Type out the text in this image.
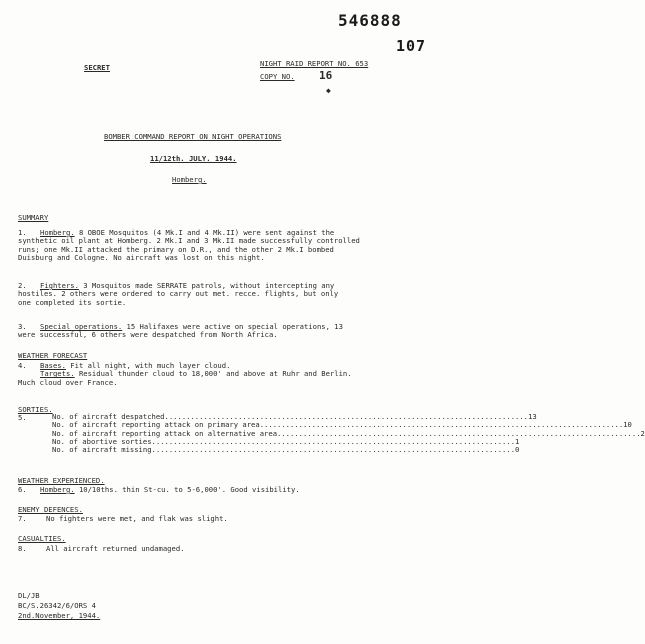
546888
107
SECRET	NIGHT RAID REPORT NO. 653
COPY NO. 16
◆
BOMBER COMMAND REPORT ON NIGHT OPERATIONS
11/12th. JULY. 1944.
Homberg.
SUMMARY
1. Homberg. 8 OBOE Mosquitos (4 Mk.I and 4 Mk.II) were sent against the
synthetic oil plant at Homberg. 2 Mk.I and 3 Mk.II made successfully controlled
runs; one Mk.II attacked the primary on D.R., and the other 2 Mk.I bombed
Duisburg and Cologne. No aircraft was lost on this night.
2. Fighters. 3 Mosquitos made SERRATE patrols, without intercepting any
hostiles. 2 others were ordered to carry out met. recce. flights, but only
one completed its sortie.
3. Special operations. 15 Halifaxes were active on special operations, 13
were successful, 6 others were despatched from North Africa.
WEATHER FORECAST
4. Bases. Fit all night, with much layer cloud.
Targets. Residual thunder cloud to 18,000' and above at Ruhr and Berlin.
Much cloud over France.
SORTIES.
5.	No. of aircraft despatched .................................................................................... 13
No. of aircraft reporting attack on primary area .................................................................................... 10
No. of aircraft reporting attack on alternative area .................................................................................... 2
No. of abortive sorties .................................................................................... 1
No. of aircraft missing .................................................................................... 0
WEATHER EXPERIENCED.
6. Homberg. 10/10ths. thin St-cu. to 5-6,000'. Good visibility.
ENEMY DEFENCES.
7.	No fighters were met, and flak was slight.
CASUALTIES.
8.	All aircraft returned undamaged.
DL/JB
BC/S.26342/6/ORS 4
2nd.November, 1944.
